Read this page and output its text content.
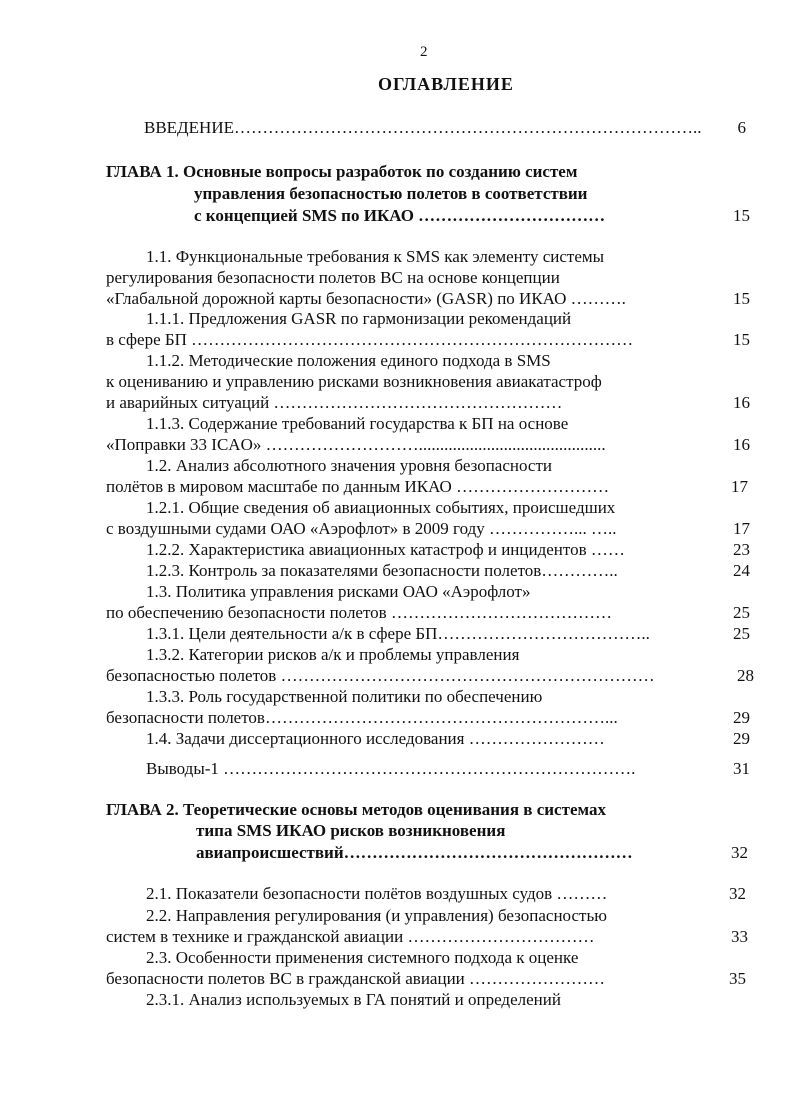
2
ОГЛАВЛЕНИЕ
ВВЕДЕНИЕ………………………………………………………………………..	6
ГЛАВА 1. Основные вопросы разработок по созданию систем
управления безопасностью полетов в соответствии
с концепцией SMS по ИКАО ……………………………	15
1.1. Функциональные требования к SMS как элементу системы
регулирования безопасности полетов ВС на основе концепции
«Глабальной дорожной карты безопасности» (GASR) по ИКАО ……….	15
1.1.1. Предложения GASR по гармонизации рекомендаций
в сфере БП ……………………………………………………………………	15
1.1.2. Методические положения единого подхода в SMS
к оцениванию и управлению рисками возникновения авиакатастроф
и аварийных ситуаций ……………………………………………	16
1.1.3. Содержание требований государства к БП на основе
«Поправки 33 ICAO» ………………………............................................	16
1.2. Анализ абсолютного значения уровня безопасности
полётов в мировом масштабе по данным ИКАО ………………………	17
1.2.1. Общие сведения об авиационных событиях, происшедших
с воздушными судами ОАО «Аэрофлот» в 2009 году ……………... …..	17
1.2.2. Характеристика авиационных катастроф и инцидентов ……	23
1.2.3. Контроль за показателями безопасности полетов…………..	24
1.3. Политика управления рисками ОАО «Аэрофлот»
по обеспечению безопасности полетов …………………………………	25
1.3.1. Цели деятельности а/к в сфере БП………………………………..	25
1.3.2. Категории рисков а/к и проблемы управления
безопасностью полетов …………………………………………………………	28
1.3.3. Роль государственной политики по обеспечению
безопасности полетов……………………………………………………...	29
1.4. Задачи диссертационного исследования ……………………	29
Выводы-1 ……………………………………………………………….	31
ГЛАВА 2. Теоретические основы методов оценивания в системах
типа SMS ИКАО рисков возникновения
авиапроисшествий……………………………………………	32
2.1. Показатели безопасности полётов воздушных судов ………	32
2.2. Направления регулирования (и управления) безопасностью
систем в технике и гражданской авиации ……………………………	33
2.3. Особенности применения системного подхода к оценке
безопасности полетов ВС в гражданской авиации ……………………	35
2.3.1. Анализ используемых в ГА понятий и определений
